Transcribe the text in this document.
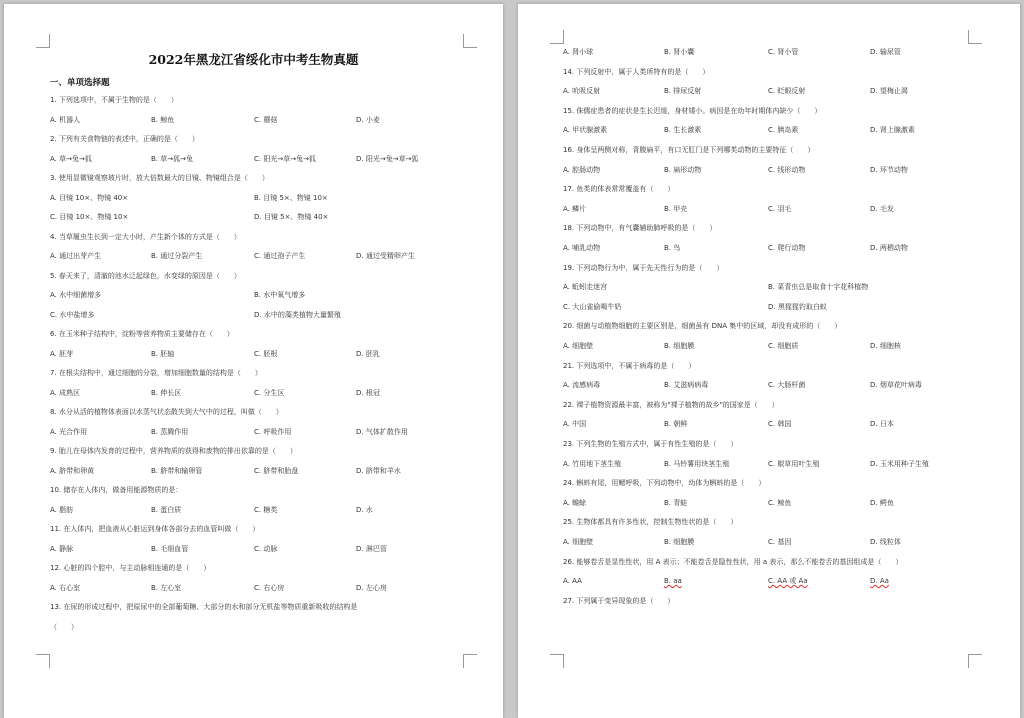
2022年黑龙江省绥化市中考生物真题
一、单项选择题
1. 下列选项中，不属于生物的是（　　）
A. 机器人	B. 鲸鱼	C. 蘑菇	D. 小麦
2. 下列有关食物链的表述中，正确的是（　　）
A. 草→兔→狐	B. 草→狐→兔	C. 阳光→草→兔→狐	D. 阳光→兔→草→狐
3. 使用显微镜观察玻片时，放大倍数最大的目镜、物镜组合是（　　）
A. 目镜 10×、物镜 40×	B. 目镜 5×、物镜 10×
C. 目镜 10×、物镜 10×	D. 目镜 5×、物镜 40×
4. 当草履虫生长到一定大小时，产生新个体的方式是（　　）
A. 通过出芽产生	B. 通过分裂产生	C. 通过孢子产生	D. 通过受精卵产生
5. 春天来了，清澈的池水泛起绿色，水变绿的原因是（　　）
A. 水中细菌增多	B. 水中氧气增多
C. 水中盐增多	D. 水中的藻类植物大量繁殖
6. 在玉米种子结构中，淀粉等营养物质主要储存在（　　）
A. 胚芽	B. 胚轴	C. 胚根	D. 胚乳
7. 在根尖结构中，通过细胞的分裂，增加细胞数量的结构是（　　）
A. 成熟区	B. 伸长区	C. 分生区	D. 根冠
8. 水分从活的植物体表面以水蒸气状态散失到大气中的过程，叫做（　　）
A. 光合作用	B. 蒸腾作用	C. 呼吸作用	D. 气体扩散作用
9. 胎儿在母体内发育的过程中，营养物质的获得和废物的排出依靠的是（　　）
A. 脐带和卵黄	B. 脐带和输卵管	C. 脐带和胎盘	D. 脐带和羊水
10. 储存在人体内，做备用能源物质的是：
A. 脂肪	B. 蛋白质	C. 糖类	D. 水
11. 在人体内，把血液从心脏运到身体各部分去的血管叫做（　　）
A. 静脉	B. 毛细血管	C. 动脉	D. 淋巴管
12. 心脏的四个腔中，与主动脉相连通的是（　　）
A. 右心室	B. 左心室	C. 右心房	D. 左心房
13. 在尿的形成过程中，把原尿中的全部葡萄糖、大部分的水和部分无机盐等物质重新吸收的结构是
（　　）
A. 肾小球	B. 肾小囊	C. 肾小管	D. 输尿管
14. 下列反射中，属于人类所特有的是（　　）
A. 吮吸反射	B. 排尿反射	C. 眨眼反射	D. 望梅止渴
15. 侏儒症患者的症状是生长迟缓，身材矮小。病因是在幼年时期体内缺少（　　）
A. 甲状腺激素	B. 生长激素	C. 胰岛素	D. 肾上腺激素
16. 身体呈两侧对称，背腹扁平，有口无肛门是下列哪类动物的主要特征（　　）
A. 腔肠动物	B. 扁形动物	C. 线形动物	D. 环节动物
17. 鱼类的体表常常覆盖有（　　）
A. 鳞片	B. 甲壳	C. 羽毛	D. 毛发
18. 下列动物中，有气囊辅助肺呼吸的是（　　）
A. 哺乳动物	B. 鸟	C. 爬行动物	D. 两栖动物
19. 下列动物行为中，属于先天性行为的是（　　）
A. 蚯蚓走迷宫	B. 菜青虫总是取食十字花科植物
C. 大山雀偷喝牛奶	D. 黑猩猩钓取白蚁
20. 细菌与动植物细胞的主要区别是，细菌虽有 DNA 集中的区域，却没有成形的（　　）
A. 细胞壁	B. 细胞膜	C. 细胞质	D. 细胞核
21. 下列选项中，不属于病毒的是（　　）
A. 流感病毒	B. 艾滋病病毒	C. 大肠杆菌	D. 烟草花叶病毒
22. 裸子植物资源最丰富，被称为"裸子植物的故乡"的国家是（　　）
A. 中国	B. 朝鲜	C. 韩国	D. 日本
23. 下列生物的生殖方式中，属于有性生殖的是（　　）
A. 竹用地下茎生殖	B. 马铃薯用块茎生殖	C. 椒草用叶生殖	D. 玉米用种子生殖
24. 蝌蚪有尾，用鳃呼吸，下列动物中，幼体为蝌蚪的是（　　）
A. 蟾蜍	B. 青蛙	C. 鲸鱼	D. 鳄鱼
25. 生物体都具有许多性状，控制生物性状的是（　　）
A. 细胞壁	B. 细胞膜	C. 基因	D. 线粒体
26. 能够卷舌是显性性状，用 A 表示；不能卷舌是隐性性状，用 a 表示，那么不能卷舌的基因组成是（　　）
A. AA	B. aa	C. AA 或 Aa	D. Aa
27. 下列属于变异现象的是（　　）
